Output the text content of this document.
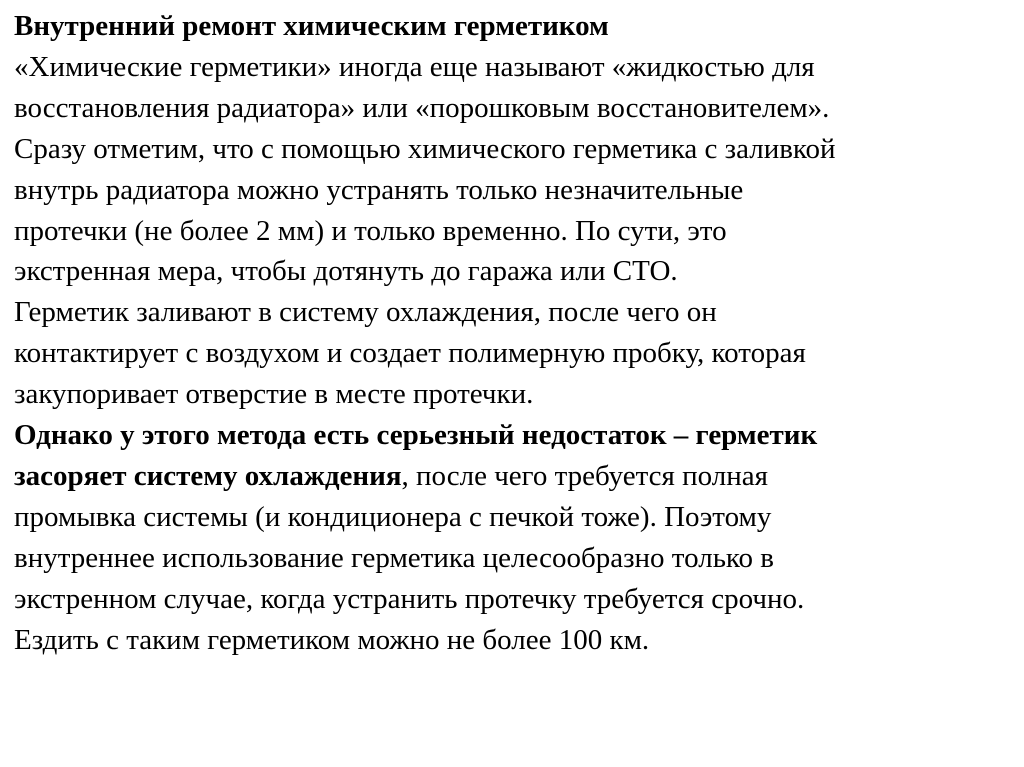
Внутренний ремонт химическим герметиком
«Химические герметики» иногда еще называют «жидкостью для
восстановления радиатора» или «порошковым восстановителем».
Сразу отметим, что с помощью химического герметика с заливкой
внутрь радиатора можно устранять только незначительные
протечки (не более 2 мм) и только временно. По сути, это
экстренная мера, чтобы дотянуть до гаража или СТО.
Герметик заливают в систему охлаждения, после чего он
контактирует с воздухом и создает полимерную пробку, которая
закупоривает отверстие в месте протечки.
Однако у этого метода есть серьезный недостаток – герметик
засоряет систему охлаждения, после чего требуется полная
промывка системы (и кондиционера с печкой тоже). Поэтому
внутреннее использование герметика целесообразно только в
экстренном случае, когда устранить протечку требуется срочно.
Ездить с таким герметиком можно не более 100 км.
